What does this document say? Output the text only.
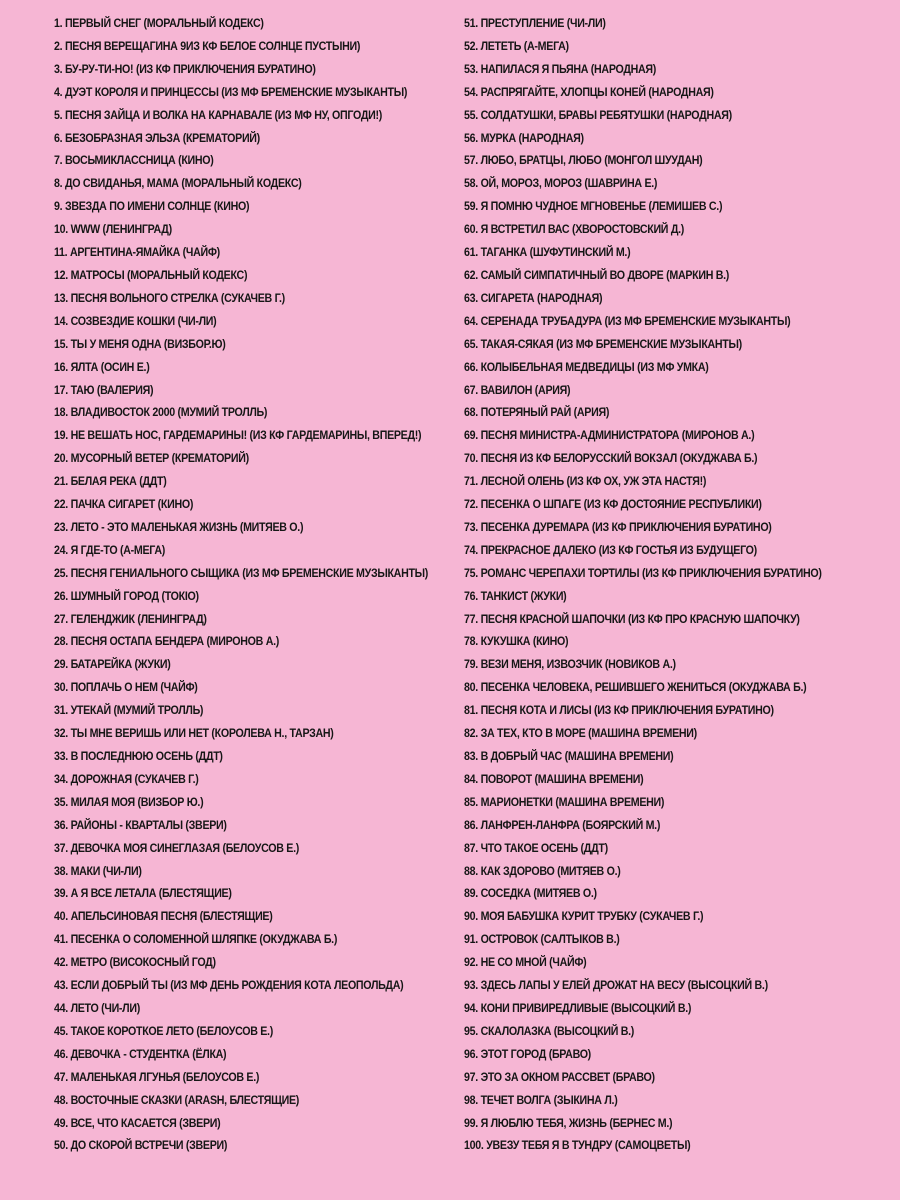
1. ПЕРВЫЙ СНЕГ (МОРАЛЬНЫЙ КОДЕКС)
2. ПЕСНЯ ВЕРЕЩАГИНА 9ИЗ КФ БЕЛОЕ СОЛНЦЕ ПУСТЫНИ)
3. БУ-РУ-ТИ-НО! (ИЗ КФ ПРИКЛЮЧЕНИЯ БУРАТИНО)
4. ДУЭТ КОРОЛЯ И ПРИНЦЕССЫ (ИЗ МФ БРЕМЕНСКИЕ МУЗЫКАНТЫ)
5. ПЕСНЯ ЗАЙЦА И ВОЛКА НА КАРНАВАЛЕ (ИЗ МФ НУ, ОПГОДИ!)
6. БЕЗОБРАЗНАЯ ЭЛЬЗА (КРЕМАТОРИЙ)
7. ВОСЬМИКЛАССНИЦА (КИНО)
8. ДО СВИДАНЬЯ, МАМА (МОРАЛЬНЫЙ КОДЕКС)
9. ЗВЕЗДА ПО ИМЕНИ СОЛНЦЕ (КИНО)
10. WWW (ЛЕНИНГРАД)
11. АРГЕНТИНА-ЯМАЙКА (ЧАЙФ)
12. МАТРОСЫ (МОРАЛЬНЫЙ КОДЕКС)
13. ПЕСНЯ ВОЛЬНОГО СТРЕЛКА (СУКАЧЕВ Г.)
14. СОЗВЕЗДИЕ КОШКИ (ЧИ-ЛИ)
15. ТЫ У МЕНЯ ОДНА (ВИЗБОР.Ю)
16. ЯЛТА (ОСИН Е.)
17. ТАЮ (ВАЛЕРИЯ)
18. ВЛАДИВОСТОК 2000 (МУМИЙ ТРОЛЛЬ)
19. НЕ ВЕШАТЬ НОС, ГАРДЕМАРИНЫ! (ИЗ КФ ГАРДЕМАРИНЫ, ВПЕРЕД!)
20. МУСОРНЫЙ ВЕТЕР (КРЕМАТОРИЙ)
21. БЕЛАЯ РЕКА (ДДТ)
22. ПАЧКА СИГАРЕТ (КИНО)
23. ЛЕТО - ЭТО МАЛЕНЬКАЯ ЖИЗНЬ (МИТЯЕВ О.)
24. Я ГДЕ-ТО (А-МЕГА)
25. ПЕСНЯ ГЕНИАЛЬНОГО СЫЩИКА (ИЗ МФ БРЕМЕНСКИЕ МУЗЫКАНТЫ)
26. ШУМНЫЙ ГОРОД (ТОКIO)
27. ГЕЛЕНДЖИК (ЛЕНИНГРАД)
28. ПЕСНЯ ОСТАПА БЕНДЕРА (МИРОНОВ А.)
29. БАТАРЕЙКА (ЖУКИ)
30. ПОПЛАЧЬ О НЕМ (ЧАЙФ)
31. УТЕКАЙ (МУМИЙ ТРОЛЛЬ)
32. ТЫ МНЕ ВЕРИШЬ ИЛИ НЕТ (КОРОЛЕВА Н., ТАРЗАН)
33. В ПОСЛЕДНЮЮ ОСЕНЬ (ДДТ)
34. ДОРОЖНАЯ (СУКАЧЕВ Г.)
35. МИЛАЯ МОЯ (ВИЗБОР Ю.)
36. РАЙОНЫ - КВАРТАЛЫ (ЗВЕРИ)
37. ДЕВОЧКА МОЯ СИНЕГЛАЗАЯ (БЕЛОУСОВ Е.)
38. МАКИ (ЧИ-ЛИ)
39. А Я ВСЕ ЛЕТАЛА (БЛЕСТЯЩИЕ)
40. АПЕЛЬСИНОВАЯ ПЕСНЯ (БЛЕСТЯЩИЕ)
41. ПЕСЕНКА О СОЛОМЕННОЙ ШЛЯПКЕ (ОКУДЖАВА Б.)
42. МЕТРО (ВИСОКОСНЫЙ ГОД)
43. ЕСЛИ ДОБРЫЙ ТЫ (ИЗ МФ ДЕНЬ РОЖДЕНИЯ КОТА ЛЕОПОЛЬДА)
44. ЛЕТО (ЧИ-ЛИ)
45. ТАКОЕ КОРОТКОЕ ЛЕТО (БЕЛОУСОВ Е.)
46. ДЕВОЧКА - СТУДЕНТКА (ЁЛКА)
47. МАЛЕНЬКАЯ ЛГУНЬЯ (БЕЛОУСОВ Е.)
48. ВОСТОЧНЫЕ СКАЗКИ (ARASH, БЛЕСТЯЩИЕ)
49. ВСЕ, ЧТО КАСАЕТСЯ (ЗВЕРИ)
50. ДО СКОРОЙ ВСТРЕЧИ (ЗВЕРИ)
51. ПРЕСТУПЛЕНИЕ (ЧИ-ЛИ)
52. ЛЕТЕТЬ (А-МЕГА)
53. НАПИЛАСЯ Я ПЬЯНА (НАРОДНАЯ)
54. РАСПРЯГАЙТЕ, ХЛОПЦЫ КОНЕЙ (НАРОДНАЯ)
55. СОЛДАТУШКИ, БРАВЫ РЕБЯТУШКИ (НАРОДНАЯ)
56. МУРКА (НАРОДНАЯ)
57. ЛЮБО, БРАТЦЫ, ЛЮБО (МОНГОЛ ШУУДАН)
58. ОЙ, МОРОЗ, МОРОЗ (ШАВРИНА Е.)
59. Я ПОМНЮ ЧУДНОЕ МГНОВЕНЬЕ (ЛЕМИШЕВ С.)
60. Я ВСТРЕТИЛ ВАС (ХВОРОСТОВСКИЙ Д.)
61. ТАГАНКА (ШУФУТИНСКИЙ М.)
62. САМЫЙ СИМПАТИЧНЫЙ ВО ДВОРЕ (МАРКИН В.)
63. СИГАРЕТА (НАРОДНАЯ)
64. СЕРЕНАДА ТРУБАДУРА (ИЗ МФ БРЕМЕНСКИЕ МУЗЫКАНТЫ)
65. ТАКАЯ-СЯКАЯ (ИЗ МФ БРЕМЕНСКИЕ МУЗЫКАНТЫ)
66. КОЛЫБЕЛЬНАЯ МЕДВЕДИЦЫ (ИЗ МФ УМКА)
67. ВАВИЛОН (АРИЯ)
68. ПОТЕРЯНЫЙ РАЙ (АРИЯ)
69. ПЕСНЯ МИНИСТРА-АДМИНИСТРАТОРА (МИРОНОВ А.)
70. ПЕСНЯ ИЗ КФ БЕЛОРУССКИЙ ВОКЗАЛ (ОКУДЖАВА Б.)
71. ЛЕСНОЙ ОЛЕНЬ (ИЗ КФ ОХ, УЖ ЭТА НАСТЯ!)
72. ПЕСЕНКА О ШПАГЕ (ИЗ КФ ДОСТОЯНИЕ РЕСПУБЛИКИ)
73. ПЕСЕНКА ДУРЕМАРА (ИЗ КФ ПРИКЛЮЧЕНИЯ БУРАТИНО)
74. ПРЕКРАСНОЕ ДАЛЕКО (ИЗ КФ ГОСТЬЯ ИЗ БУДУЩЕГО)
75. РОМАНС ЧЕРЕПАХИ ТОРТИЛЫ (ИЗ КФ ПРИКЛЮЧЕНИЯ БУРАТИНО)
76. ТАНКИСТ (ЖУКИ)
77. ПЕСНЯ КРАСНОЙ ШАПОЧКИ (ИЗ КФ ПРО КРАСНУЮ ШАПОЧКУ)
78. КУКУШКА (КИНО)
79. ВЕЗИ МЕНЯ, ИЗВОЗЧИК (НОВИКОВ А.)
80. ПЕСЕНКА ЧЕЛОВЕКА, РЕШИВШЕГО ЖЕНИТЬСЯ (ОКУДЖАВА Б.)
81. ПЕСНЯ КОТА И ЛИСЫ (ИЗ КФ ПРИКЛЮЧЕНИЯ БУРАТИНО)
82. ЗА ТЕХ, КТО В МОРЕ (МАШИНА ВРЕМЕНИ)
83. В ДОБРЫЙ ЧАС (МАШИНА ВРЕМЕНИ)
84. ПОВОРОТ (МАШИНА ВРЕМЕНИ)
85. МАРИОНЕТКИ (МАШИНА ВРЕМЕНИ)
86. ЛАНФРЕН-ЛАНФРА (БОЯРСКИЙ М.)
87. ЧТО ТАКОЕ ОСЕНЬ (ДДТ)
88. КАК ЗДОРОВО (МИТЯЕВ О.)
89. СОСЕДКА (МИТЯЕВ О.)
90. МОЯ БАБУШКА КУРИТ ТРУБКУ (СУКАЧЕВ Г.)
91. ОСТРОВОК (САЛТЫКОВ В.)
92. НЕ СО МНОЙ (ЧАЙФ)
93. ЗДЕСЬ ЛАПЫ У ЕЛЕЙ ДРОЖАТ НА ВЕСУ (ВЫСОЦКИЙ В.)
94. КОНИ ПРИВИРЕДЛИВЫЕ (ВЫСОЦКИЙ В.)
95. СКАЛОЛАЗКА (ВЫСОЦКИЙ В.)
96. ЭТОТ ГОРОД (БРАВО)
97. ЭТО ЗА ОКНОМ РАССВЕТ (БРАВО)
98. ТЕЧЕТ ВОЛГА (ЗЫКИНА Л.)
99. Я ЛЮБЛЮ ТЕБЯ, ЖИЗНЬ (БЕРНЕС М.)
100. УВЕЗУ ТЕБЯ Я В ТУНДРУ (САМОЦВЕТЫ)
